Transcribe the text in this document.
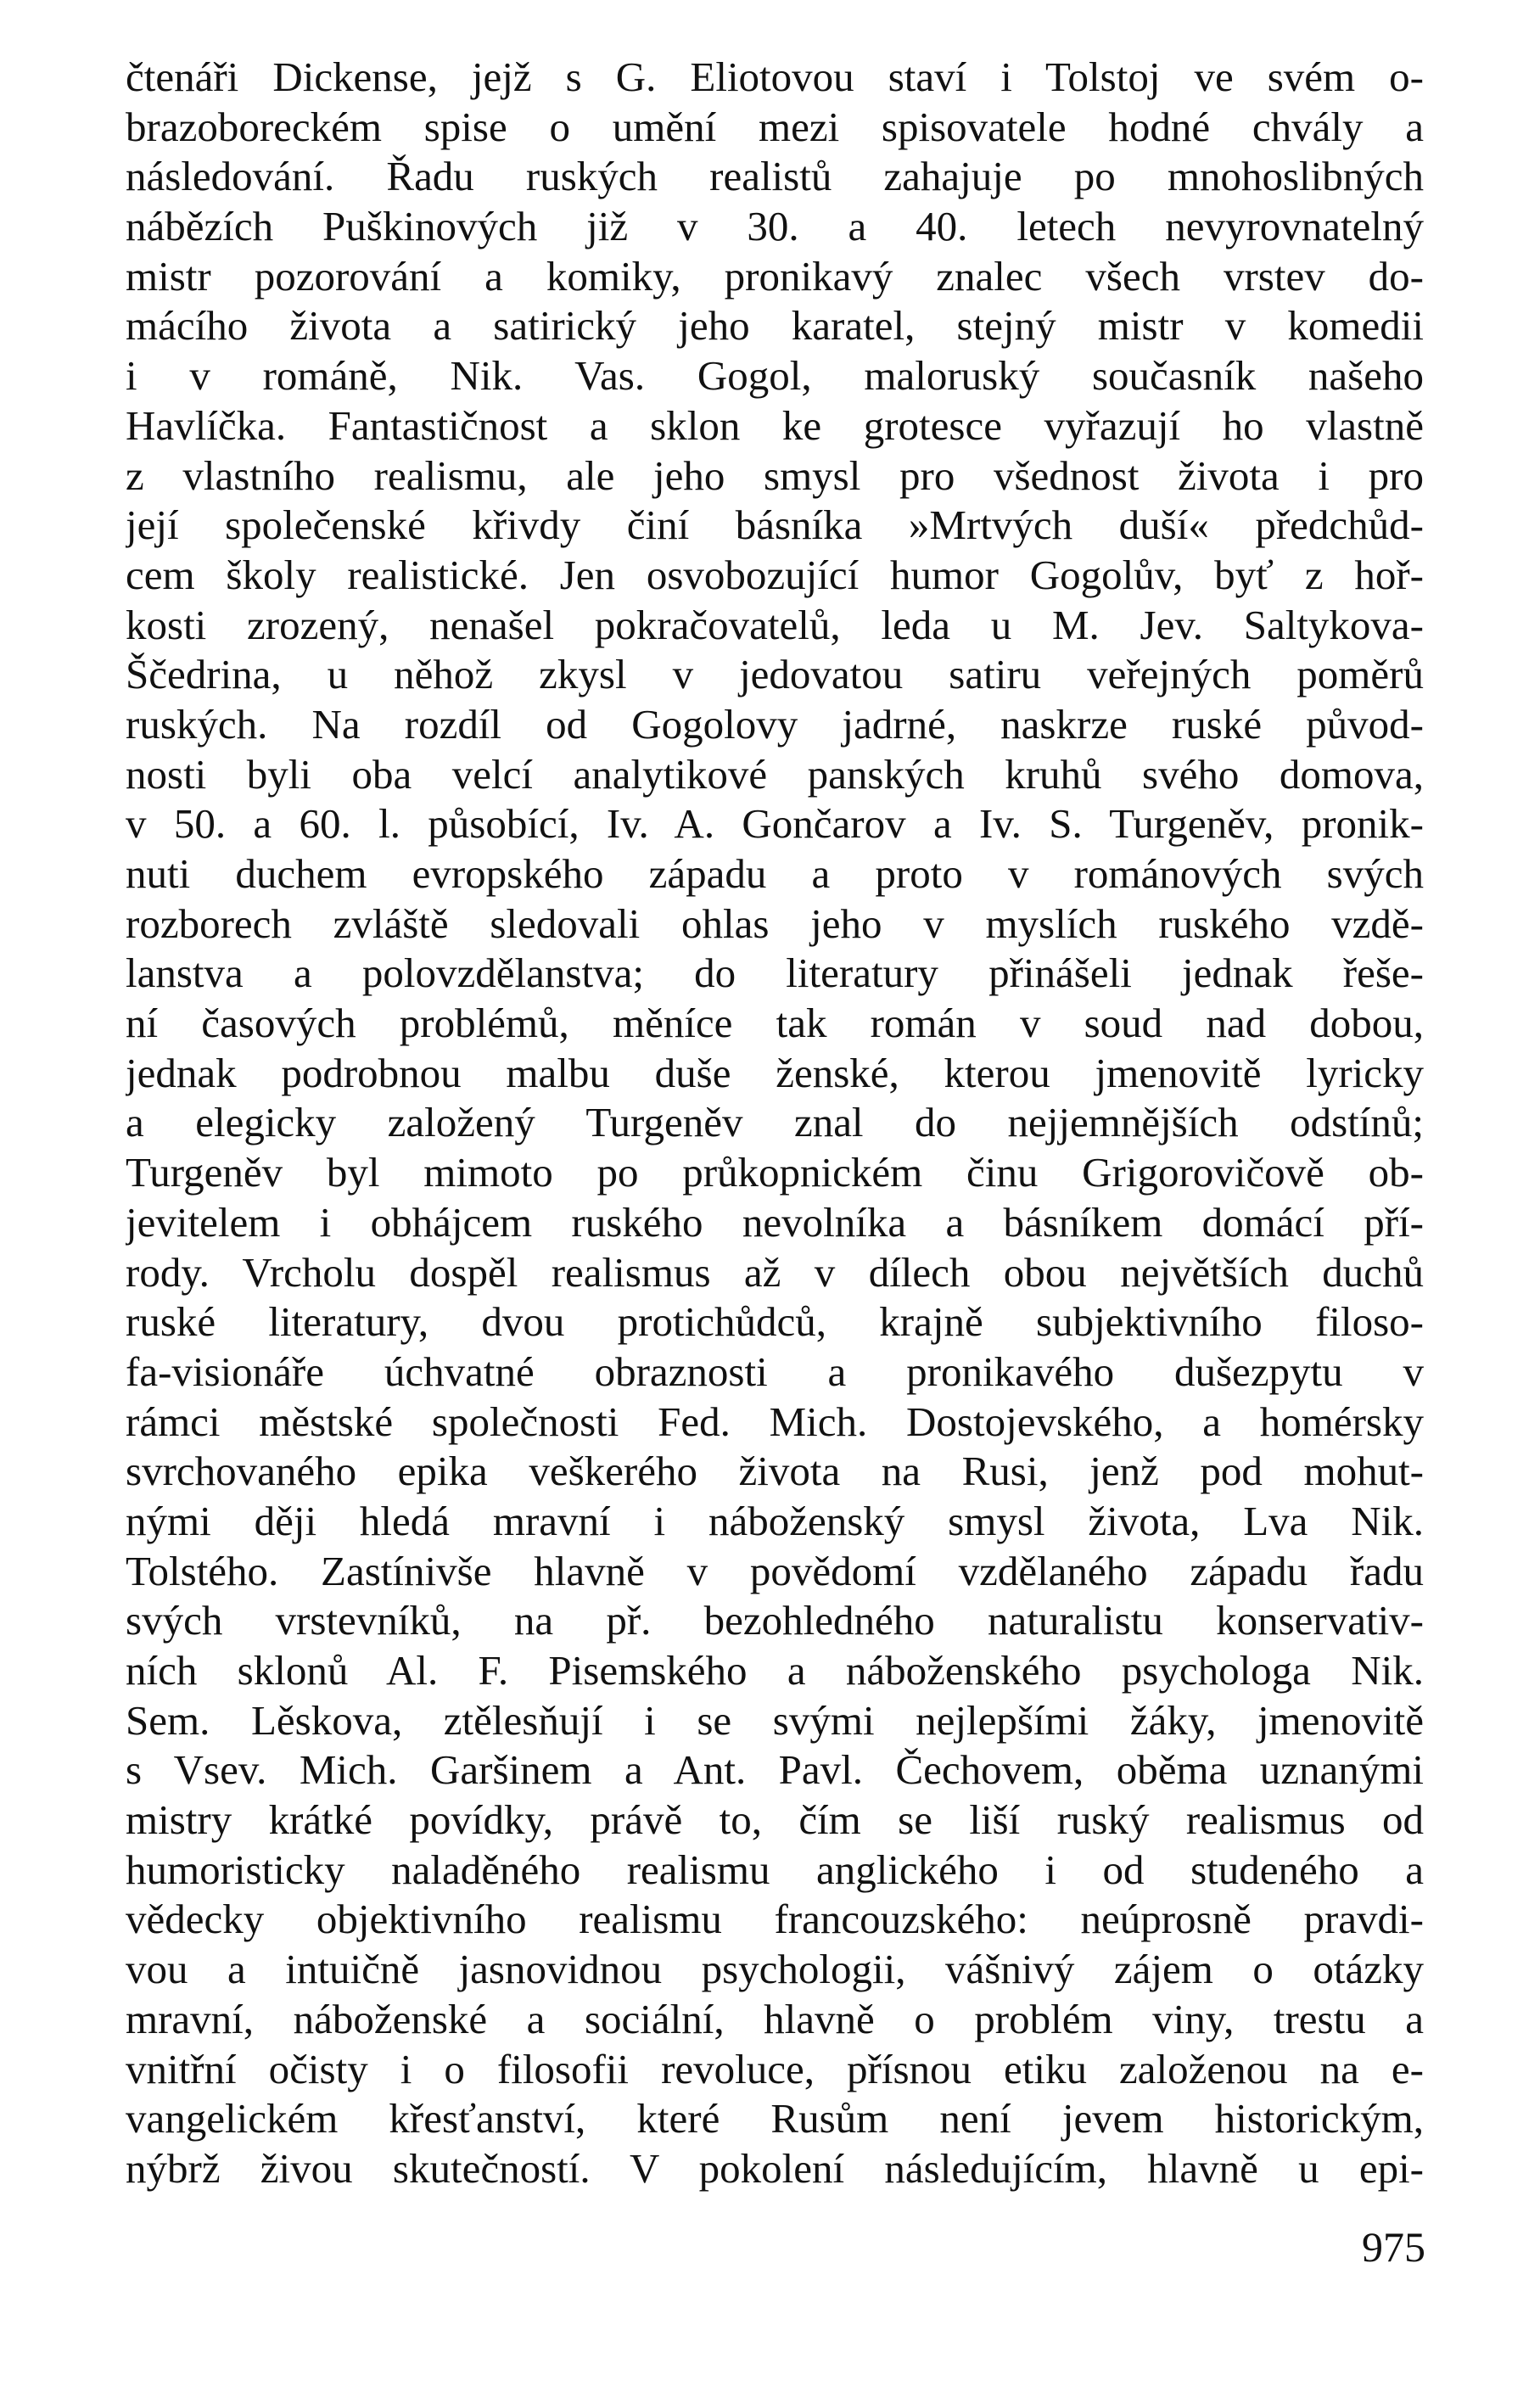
čtenáři Dickense, jejž s G. Eliotovou staví i Tolstoj ve svém o-
brazoboreckém spise o umění mezi spisovatele hodné chvály a
následování. Řadu ruských realistů zahajuje po mnohoslibných
nábězích Puškinových již v 30. a 40. letech nevyrovnatelný
mistr pozorování a komiky, pronikavý znalec všech vrstev do-
mácího života a satirický jeho karatel, stejný mistr v komedii
i v románě, Nik. Vas. Gogol, maloruský současník našeho
Havlíčka. Fantastičnost a sklon ke grotesce vyřazují ho vlastně
z vlastního realismu, ale jeho smysl pro všednost života i pro
její společenské křivdy činí básníka »Mrtvých duší« předchůd-
cem školy realistické. Jen osvobozující humor Gogolův, byť z hoř-
kosti zrozený, nenašel pokračovatelů, leda u M. Jev. Saltykova-
Ščedrina, u něhož zkysl v jedovatou satiru veřejných poměrů
ruských. Na rozdíl od Gogolovy jadrné, naskrze ruské původ-
nosti byli oba velcí analytikové panských kruhů svého domova,
v 50. a 60. l. působící, Iv. A. Gončarov a Iv. S. Turgeněv, pronik-
nuti duchem evropského západu a proto v románových svých
rozborech zvláště sledovali ohlas jeho v myslích ruského vzdě-
lanstva a polovzdělanstva; do literatury přinášeli jednak řeše-
ní časových problémů, měníce tak román v soud nad dobou,
jednak podrobnou malbu duše ženské, kterou jmenovitě lyricky
a elegicky založený Turgeněv znal do nejjemnějších odstínů;
Turgeněv byl mimoto po průkopnickém činu Grigorovičově ob-
jevitelem i obhájcem ruského nevolníka a básníkem domácí pří-
rody. Vrcholu dospěl realismus až v dílech obou největších duchů
ruské literatury, dvou protichůdců, krajně subjektivního filoso-
fa-visionáře úchvatné obraznosti a pronikavého dušezpytu v
rámci městské společnosti Fed. Mich. Dostojevského, a homérsky
svrchovaného epika veškerého života na Rusi, jenž pod mohut-
nými ději hledá mravní i náboženský smysl života, Lva Nik.
Tolstého. Zastínivše hlavně v povědomí vzdělaného západu řadu
svých vrstevníků, na př. bezohledného naturalistu konservativ-
ních sklonů Al. F. Pisemského a náboženského psychologa Nik.
Sem. Lěskova, ztělesňují i se svými nejlepšími žáky, jmenovitě
s Vsev. Mich. Garšinem a Ant. Pavl. Čechovem, oběma uznanými
mistry krátké povídky, právě to, čím se liší ruský realismus od
humoristicky naladěného realismu anglického i od studeného a
vědecky objektivního realismu francouzského: neúprosně pravdi-
vou a intuičně jasnovidnou psychologii, vášnivý zájem o otázky
mravní, náboženské a sociální, hlavně o problém viny, trestu a
vnitřní očisty i o filosofii revoluce, přísnou etiku založenou na e-
vangelickém křesťanství, které Rusům není jevem historickým,
nýbrž živou skutečností. V pokolení následujícím, hlavně u epi-
975
